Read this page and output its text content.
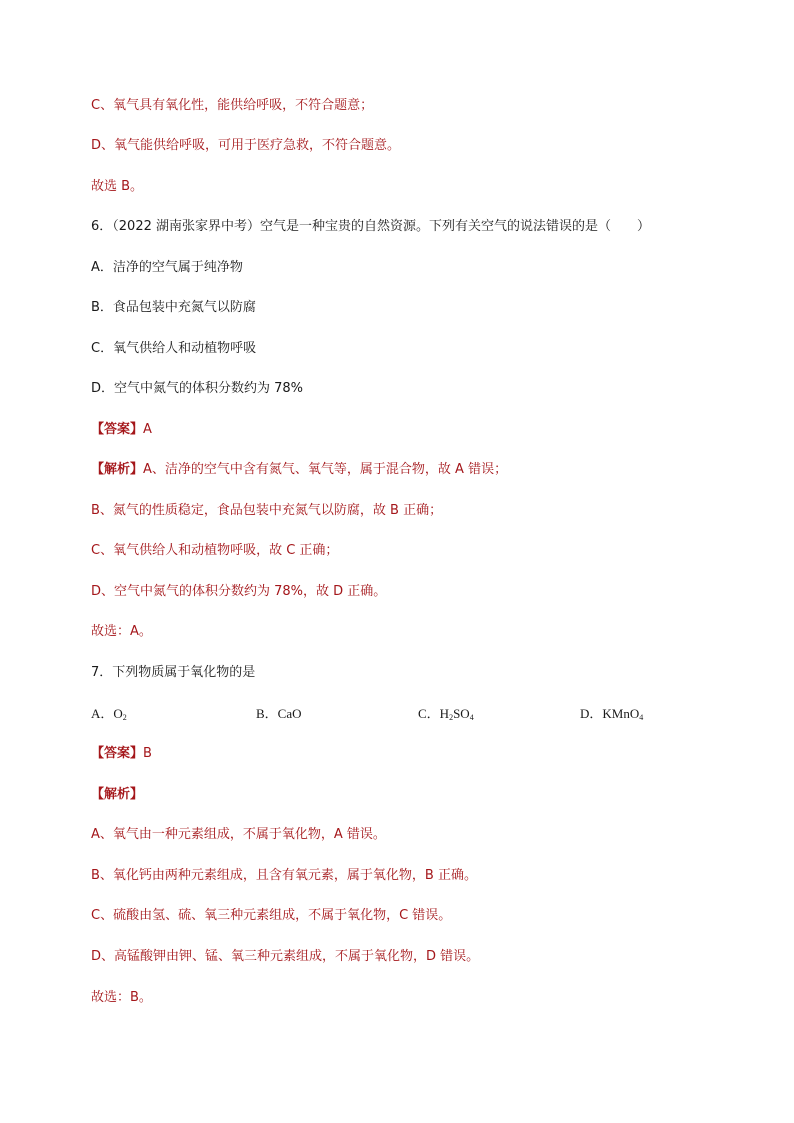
C、氧气具有氧化性，能供给呼吸，不符合题意；
D、氧气能供给呼吸，可用于医疗急救，不符合题意。
故选 B。
6．（2022 湖南张家界中考）空气是一种宝贵的自然资源。下列有关空气的说法错误的是（　　）
A．洁净的空气属于纯净物
B．食品包装中充氮气以防腐
C．氧气供给人和动植物呼吸
D．空气中氮气的体积分数约为 78%
【答案】A
【解析】A、洁净的空气中含有氮气、氧气等，属于混合物，故 A 错误；
B、氮气的性质稳定，食品包装中充氮气以防腐，故 B 正确；
C、氧气供给人和动植物呼吸，故 C 正确；
D、空气中氮气的体积分数约为 78%，故 D 正确。
故选：A。
7．下列物质属于氧化物的是
A．$O_2$	B．CaO	C．$H_2SO_4$	D．KMnO$_4$
【答案】B
【解析】
A、氧气由一种元素组成，不属于氧化物，A 错误。
B、氧化钙由两种元素组成，且含有氧元素，属于氧化物，B 正确。
C、硫酸由氢、硫、氧三种元素组成，不属于氧化物，C 错误。
D、高锰酸钾由钾、锰、氧三种元素组成，不属于氧化物，D 错误。
故选：B。
